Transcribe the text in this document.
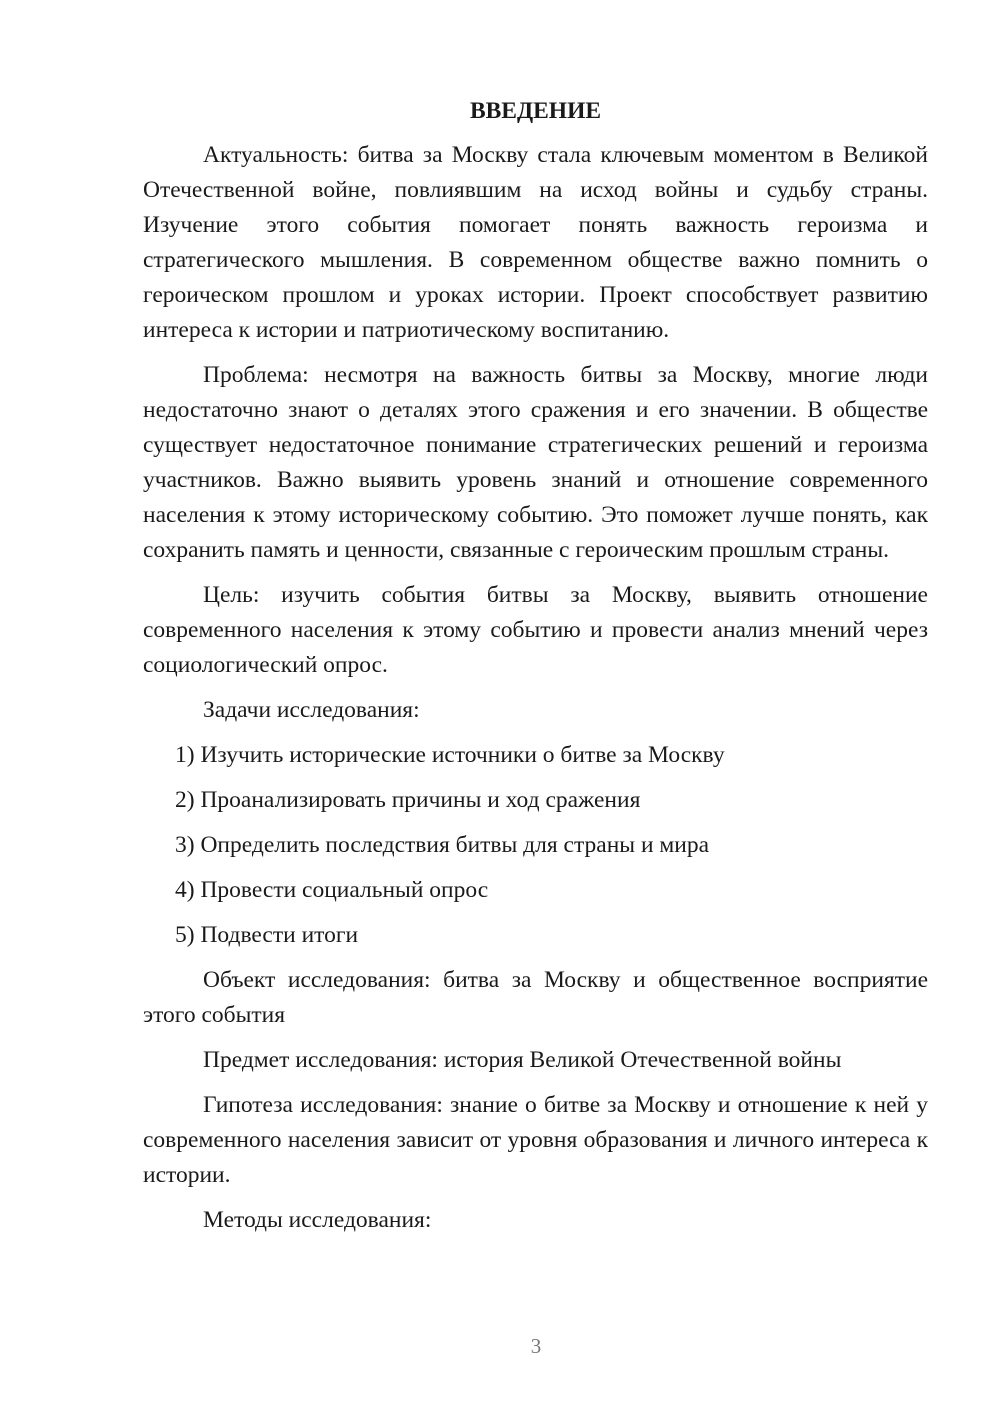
ВВЕДЕНИЕ

Актуальность: битва за Москву стала ключевым моментом в Великой Отечественной войне, повлиявшим на исход войны и судьбу страны. Изучение этого события помогает понять важность героизма и стратегического мышления. В современном обществе важно помнить о героическом прошлом и уроках истории. Проект способствует развитию интереса к истории и патриотическому воспитанию.

Проблема: несмотря на важность битвы за Москву, многие люди недостаточно знают о деталях этого сражения и его значении. В обществе существует недостаточное понимание стратегических решений и героизма участников. Важно выявить уровень знаний и отношение современного населения к этому историческому событию. Это поможет лучше понять, как сохранить память и ценности, связанные с героическим прошлым страны.

Цель: изучить события битвы за Москву, выявить отношение современного населения к этому событию и провести анализ мнений через социологический опрос.

Задачи исследования:

1) Изучить исторические источники о битве за Москву

2) Проанализировать причины и ход сражения

3) Определить последствия битвы для страны и мира

4) Провести социальный опрос

5) Подвести итоги

Объект исследования: битва за Москву и общественное восприятие этого события

Предмет исследования: история Великой Отечественной войны

Гипотеза исследования: знание о битве за Москву и отношение к ней у современного населения зависит от уровня образования и личного интереса к истории.

Методы исследования:

3
